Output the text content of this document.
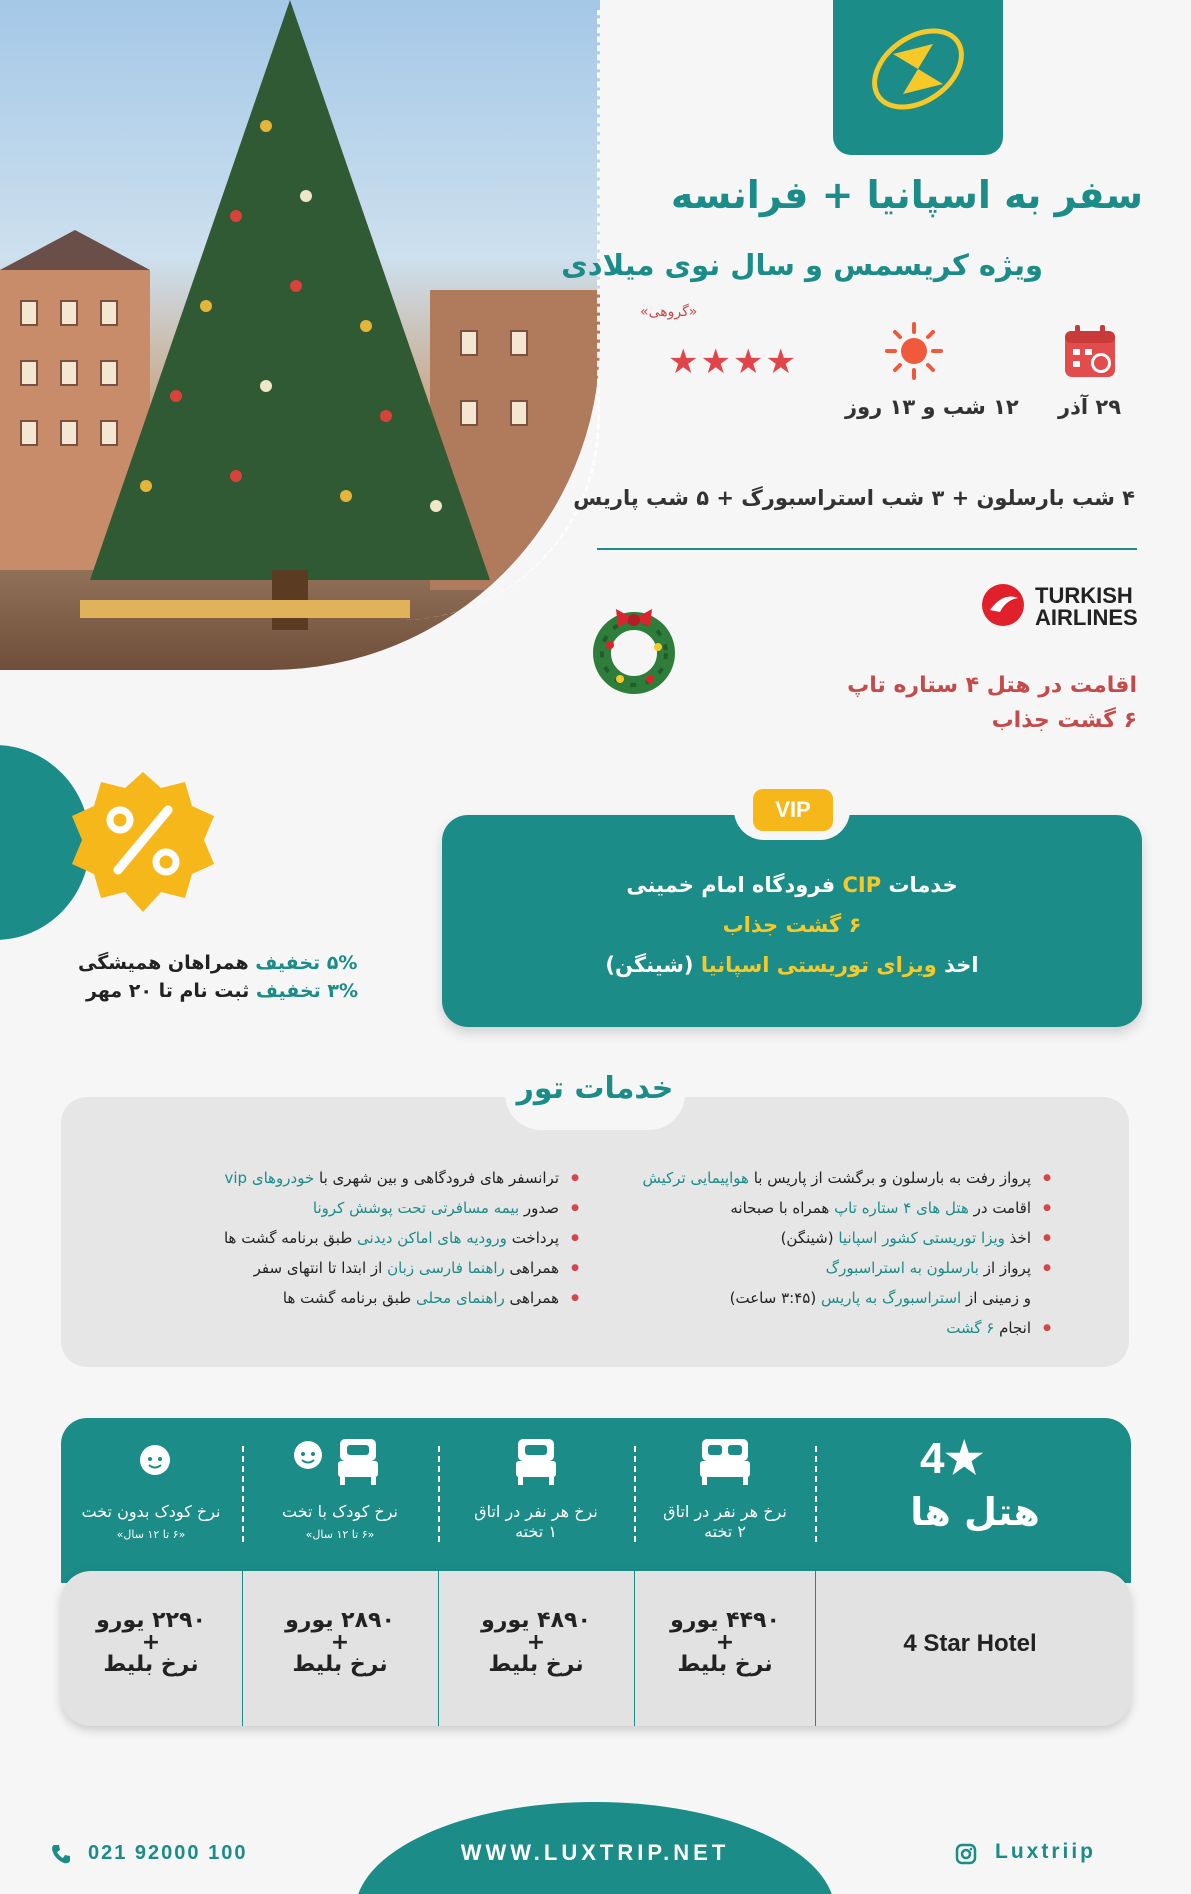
سفر به اسپانیا + فرانسه
ویژه کریسمس و سال نوی میلادی
«گروهی»
۲۹ آذر
۱۲ شب و ۱۳ روز
★★★★
۴ شب بارسلون + ۳ شب استراسبورگ + ۵ شب پاریس
TURKISH
AIRLINES
اقامت در هتل ۴ ستاره تاپ
۶ گشت جذاب
۵% تخفیف همراهان همیشگی
۳% تخفیف ثبت نام تا ۲۰ مهر
VIP
خدمات CIP فرودگاه امام خمینی
۶ گشت جذاب
اخذ ویزای توریستی اسپانیا (شینگن)
خدمات تور
● پرواز رفت به بارسلون و برگشت از پاریس با هواپیمایی ترکیش
● اقامت در هتل های ۴ ستاره تاپ همراه با صبحانه
● اخذ ویزا توریستی کشور اسپانیا (شینگن)
● پرواز از بارسلون به استراسبورگ
و زمینی از استراسبورگ به پاریس (۳:۴۵ ساعت)
● انجام ۶ گشت
● ترانسفر های فرودگاهی و بین شهری با خودروهای vip
● صدور بیمه مسافرتی تحت پوشش کرونا
● پرداخت ورودیه های اماکن دیدنی طبق برنامه گشت ها
● همراهی راهنما فارسی زبان از ابتدا تا انتهای سفر
● همراهی راهنمای محلی طبق برنامه گشت ها
4★
هتل ها
نرخ هر نفر در اتاق
۲ تخته
نرخ هر نفر در اتاق
۱ تخته
نرخ کودک با تخت
«۶ تا ۱۲ سال»
نرخ کودک بدون تخت
«۶ تا ۱۲ سال»
4 Star Hotel
۴۴۹۰ یورو
+
نرخ بلیط
۴۸۹۰ یورو
+
نرخ بلیط
۲۸۹۰ یورو
+
نرخ بلیط
۲۲۹۰ یورو
+
نرخ بلیط
WWW.LUXTRIP.NET
021 92000 100	Luxtriip
